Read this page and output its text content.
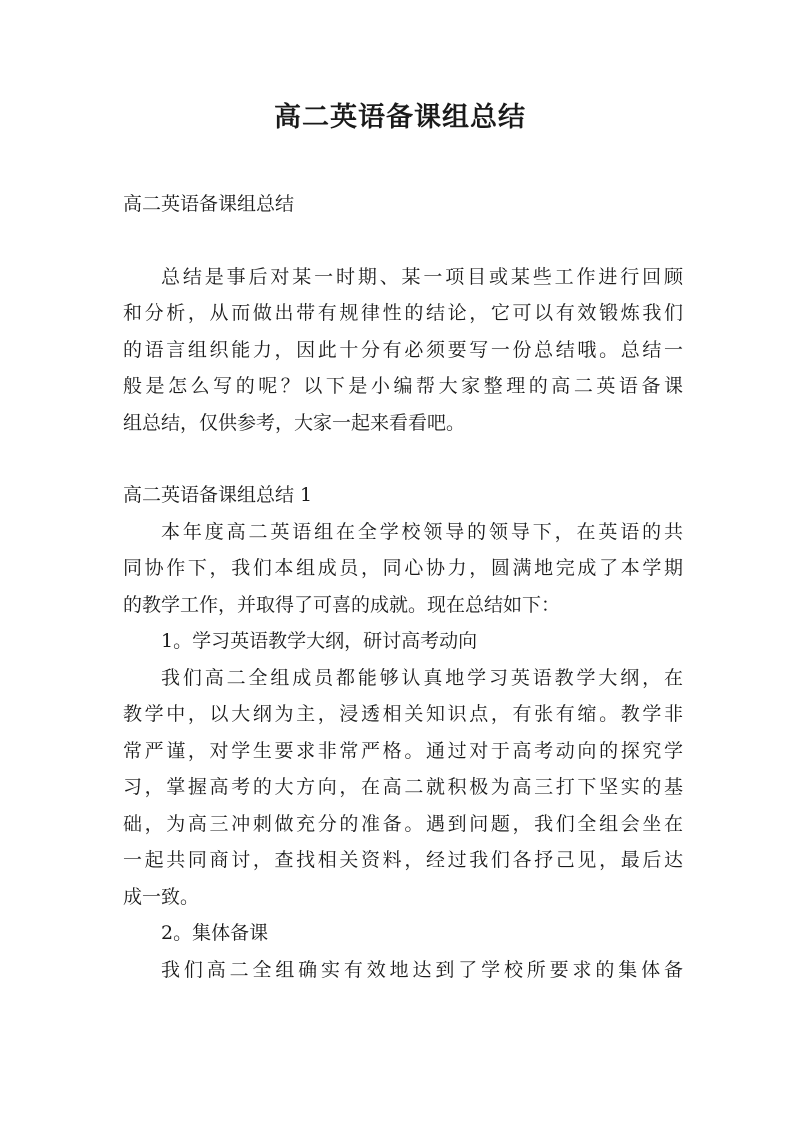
高二英语备课组总结

高二英语备课组总结

总结是事后对某一时期、某一项目或某些工作进行回顾

和分析，从而做出带有规律性的结论，它可以有效锻炼我们

的语言组织能力，因此十分有必须要写一份总结哦。总结一

般是怎么写的呢？以下是小编帮大家整理的高二英语备课

组总结，仅供参考，大家一起来看看吧。

高二英语备课组总结 1

本年度高二英语组在全学校领导的领导下，在英语的共

同协作下，我们本组成员，同心协力，圆满地完成了本学期

的教学工作，并取得了可喜的成就。现在总结如下：

1。学习英语教学大纲，研讨高考动向

我们高二全组成员都能够认真地学习英语教学大纲，在

教学中，以大纲为主，浸透相关知识点，有张有缩。教学非

常严谨，对学生要求非常严格。通过对于高考动向的探究学

习，掌握高考的大方向，在高二就积极为高三打下坚实的基

础，为高三冲刺做充分的准备。遇到问题，我们全组会坐在

一起共同商讨，查找相关资料，经过我们各抒己见，最后达

成一致。

2。集体备课

我们高二全组确实有效地达到了学校所要求的集体备
